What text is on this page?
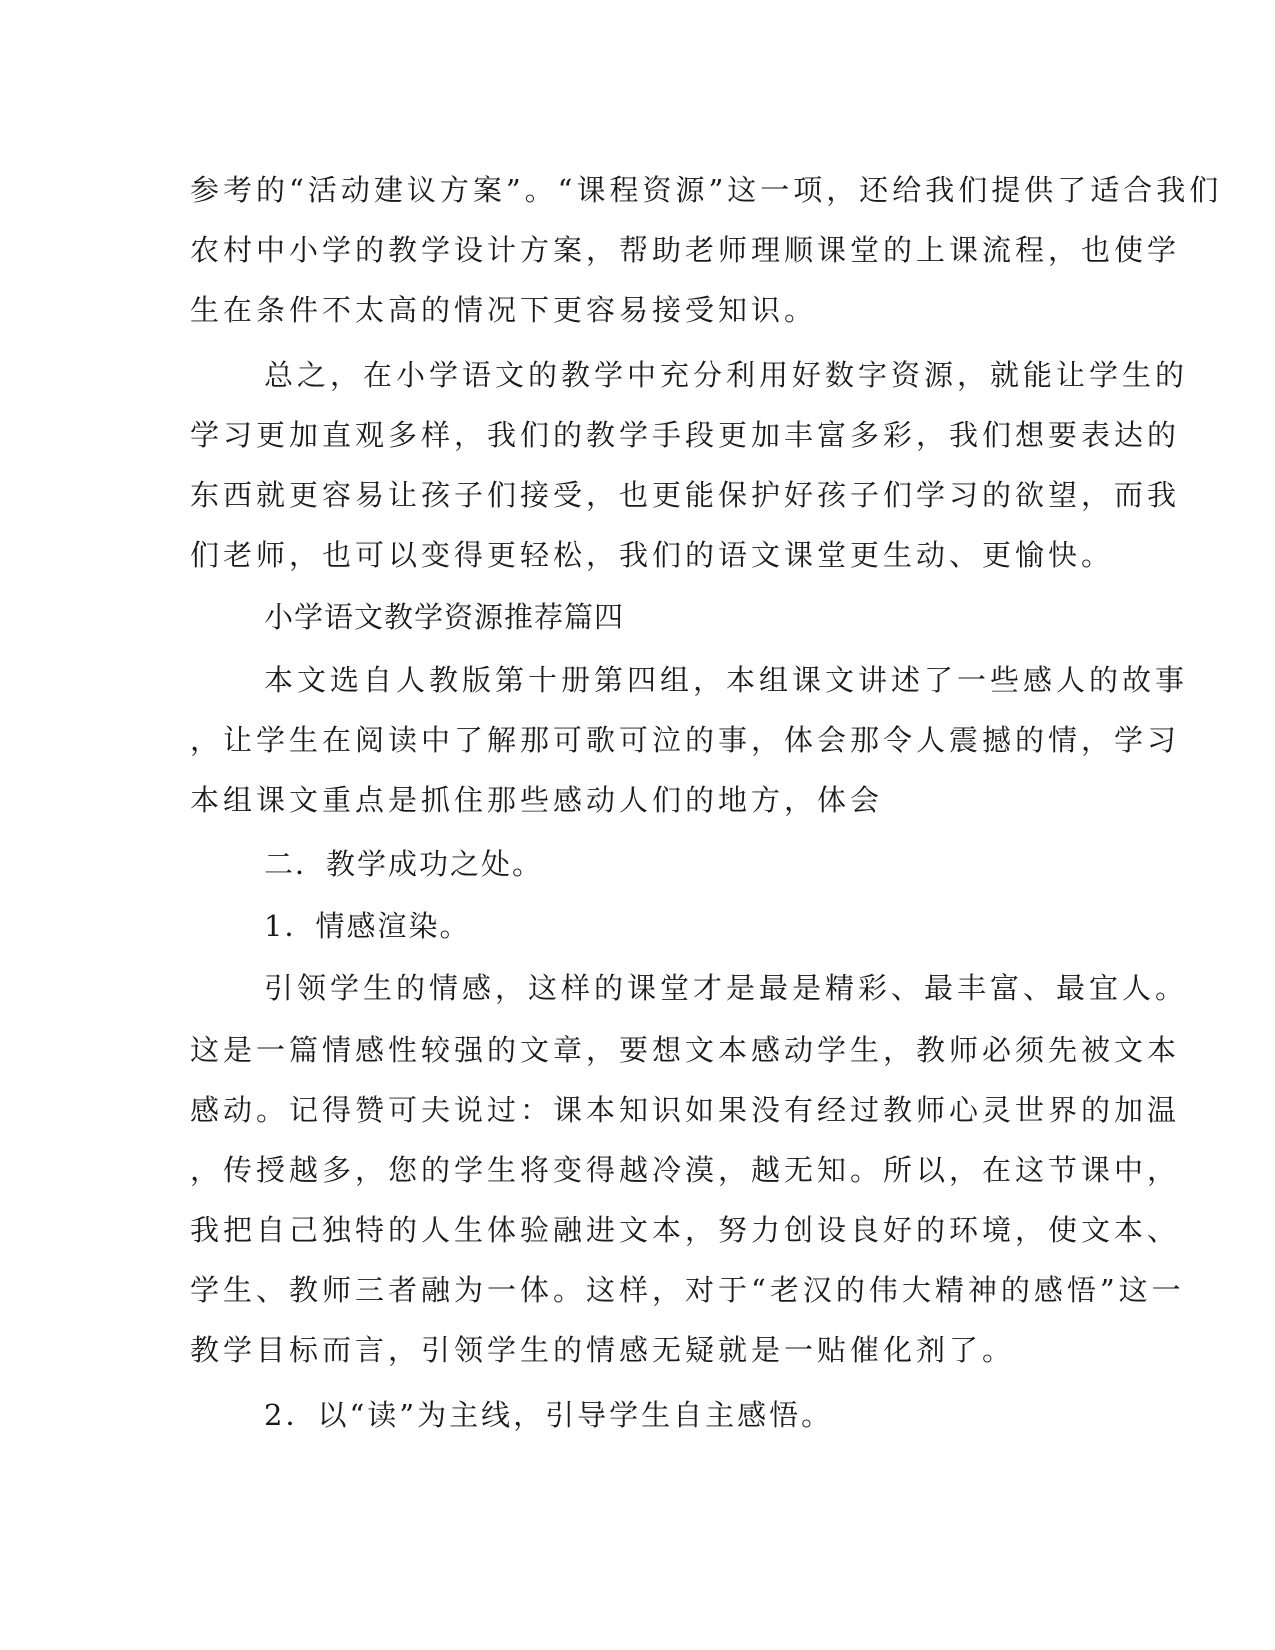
参考的“活动建议方案”。“课程资源”这一项，还给我们提供了适合我们
农村中小学的教学设计方案，帮助老师理顺课堂的上课流程，也使学
生在条件不太高的情况下更容易接受知识。
总之，在小学语文的教学中充分利用好数字资源，就能让学生的
学习更加直观多样，我们的教学手段更加丰富多彩，我们想要表达的
东西就更容易让孩子们接受，也更能保护好孩子们学习的欲望，而我
们老师，也可以变得更轻松，我们的语文课堂更生动、更愉快。
小学语文教学资源推荐篇四
本文选自人教版第十册第四组，本组课文讲述了一些感人的故事
，让学生在阅读中了解那可歌可泣的事，体会那令人震撼的情，学习
本组课文重点是抓住那些感动人们的地方，体会
二．教学成功之处。
1．情感渲染。
引领学生的情感，这样的课堂才是最是精彩、最丰富、最宜人。
这是一篇情感性较强的文章，要想文本感动学生，教师必须先被文本
感动。记得赞可夫说过：课本知识如果没有经过教师心灵世界的加温
，传授越多，您的学生将变得越冷漠，越无知。所以，在这节课中，
我把自己独特的人生体验融进文本，努力创设良好的环境，使文本、
学生、教师三者融为一体。这样，对于“老汉的伟大精神的感悟”这一
教学目标而言，引领学生的情感无疑就是一贴催化剂了。
2．以“读”为主线，引导学生自主感悟。
